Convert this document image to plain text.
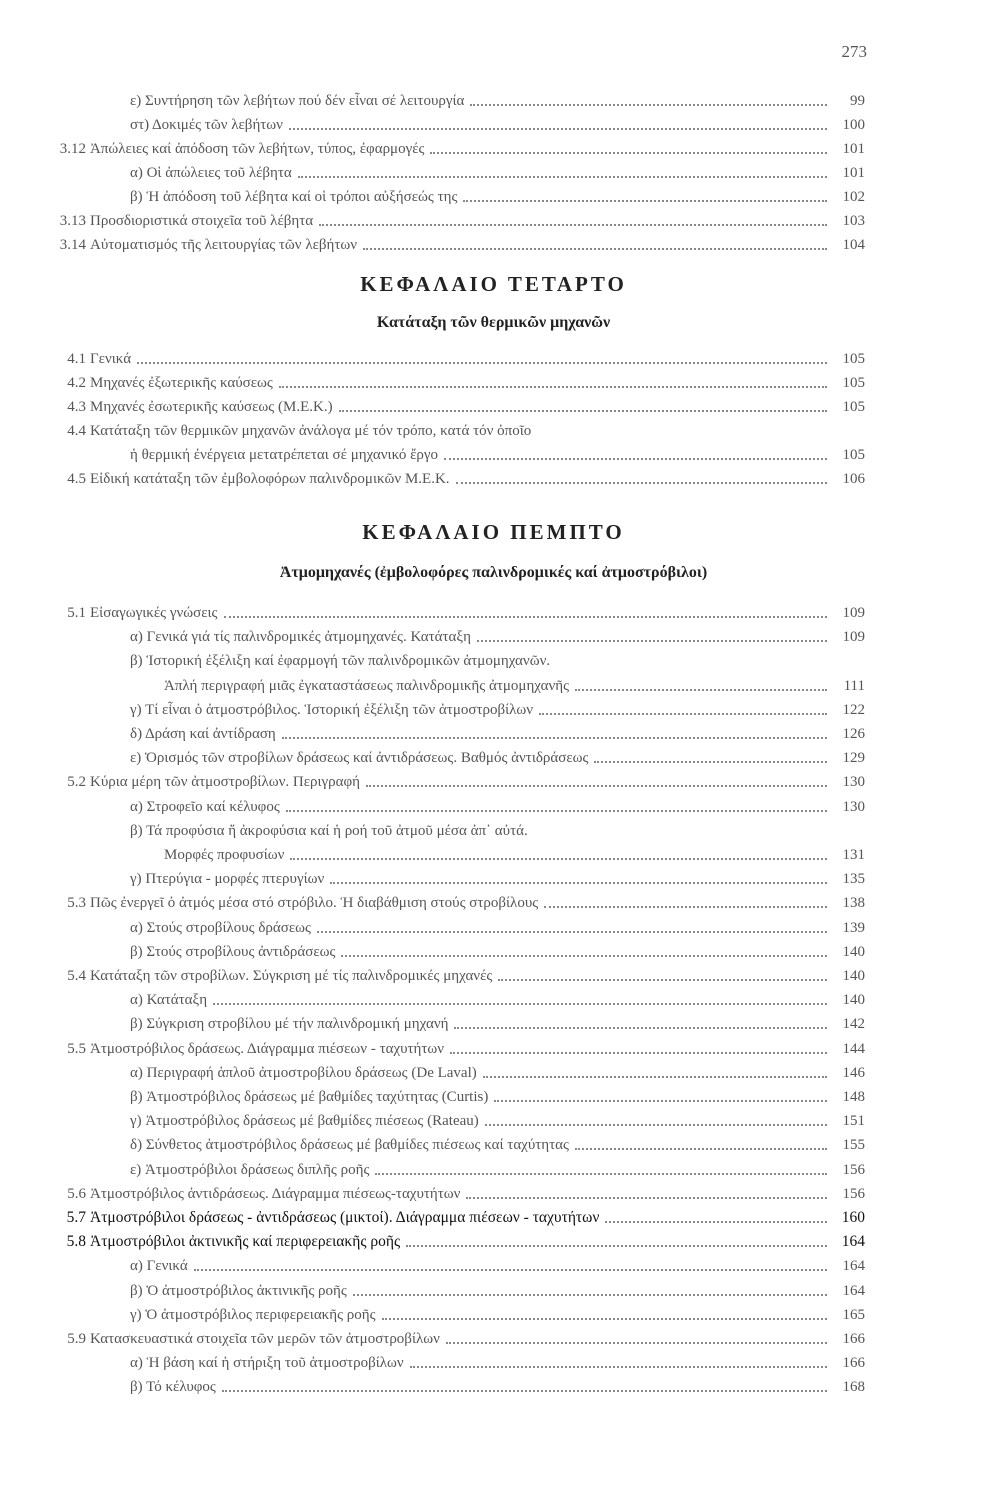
273
ε) Συντήρηση τῶν λεβήτων πού δέν εἶναι σέ λειτουργία	99
στ) Δοκιμές τῶν λεβήτων	100
3.12 Ἀπώλειες καί ἀπόδοση τῶν λεβήτων, τύπος, ἐφαρμογές	101
α) Οἱ ἀπώλειες τοῦ λέβητα	101
β) Ἡ ἀπόδοση τοῦ λέβητα καί οἱ τρόποι αὐξήσεώς της	102
3.13 Προσδιοριστικά στοιχεῖα τοῦ λέβητα	103
3.14 Αὐτοματισμός τῆς λειτουργίας τῶν λεβήτων	104
ΚΕΦΑΛΑΙΟ ΤΕΤΑΡΤΟ
Κατάταξη τῶν θερμικῶν μηχανῶν
4.1 Γενικά	105
4.2 Μηχανές ἐξωτερικῆς καύσεως	105
4.3 Μηχανές ἐσωτερικῆς καύσεως (Μ.Ε.Κ.)	105
4.4 Κατάταξη τῶν θερμικῶν μηχανῶν ἀνάλογα μέ τόν τρόπο, κατά τόν ὁποῖο
ἡ θερμική ἐνέργεια μετατρέπεται σέ μηχανικό ἔργο	105
4.5 Εἰδική κατάταξη τῶν ἐμβολοφόρων παλινδρομικῶν Μ.Ε.Κ.	106
ΚΕΦΑΛΑΙΟ ΠΕΜΠΤΟ
Ἀτμομηχανές (ἐμβολοφόρες παλινδρομικές καί ἀτμοστρόβιλοι)
5.1 Εἰσαγωγικές γνώσεις	109
α) Γενικά γιά τίς παλινδρομικές ἀτμομηχανές. Κατάταξη	109
β) Ἱστορική ἐξέλιξη καί ἐφαρμογή τῶν παλινδρομικῶν ἀτμομηχανῶν.
Ἁπλή περιγραφή μιᾶς ἐγκαταστάσεως παλινδρομικῆς ἀτμομηχανῆς	111
γ) Τί εἶναι ὁ ἀτμοστρόβιλος. Ἱστορική ἐξέλιξη τῶν ἀτμοστροβίλων	122
δ) Δράση καί ἀντίδραση	126
ε) Ὁρισμός τῶν στροβίλων δράσεως καί ἀντιδράσεως. Βαθμός ἀντιδράσεως	129
5.2 Κύρια μέρη τῶν ἀτμοστροβίλων. Περιγραφή	130
α) Στροφεῖο καί κέλυφος	130
β) Τά προφύσια ἤ ἀκροφύσια καί ἡ ροή τοῦ ἀτμοῦ μέσα ἀπ᾽ αὐτά.
Μορφές προφυσίων	131
γ) Πτερύγια - μορφές πτερυγίων	135
5.3 Πῶς ἐνεργεῖ ὁ ἀτμός μέσα στό στρόβιλο. Ἡ διαβάθμιση στούς στροβίλους	138
α) Στούς στροβίλους δράσεως	139
β) Στούς στροβίλους ἀντιδράσεως	140
5.4 Κατάταξη τῶν στροβίλων. Σύγκριση μέ τίς παλινδρομικές μηχανές	140
α) Κατάταξη	140
β) Σύγκριση στροβίλου μέ τήν παλινδρομική μηχανή	142
5.5 Ἀτμοστρόβιλος δράσεως. Διάγραμμα πιέσεων - ταχυτήτων	144
α) Περιγραφή ἁπλοῦ ἀτμοστροβίλου δράσεως (De Laval)	146
β) Ἀτμοστρόβιλος δράσεως μέ βαθμίδες ταχύτητας (Curtis)	148
γ) Ἀτμοστρόβιλος δράσεως μέ βαθμίδες πιέσεως (Rateau)	151
δ) Σύνθετος ἀτμοστρόβιλος δράσεως μέ βαθμίδες πιέσεως καί ταχύτητας	155
ε) Ἀτμοστρόβιλοι δράσεως διπλῆς ροῆς	156
5.6 Ἀτμοστρόβιλος ἀντιδράσεως. Διάγραμμα πιέσεως-ταχυτήτων	156
5.7 Ἀτμοστρόβιλοι δράσεως - ἀντιδράσεως (μικτοί). Διάγραμμα πιέσεων - ταχυτήτων	160
5.8 Ἀτμοστρόβιλοι ἀκτινικῆς καί περιφερειακῆς ροῆς	164
α) Γενικά	164
β) Ὁ ἀτμοστρόβιλος ἀκτινικῆς ροῆς	164
γ) Ὁ ἀτμοστρόβιλος περιφερειακῆς ροῆς	165
5.9 Κατασκευαστικά στοιχεῖα τῶν μερῶν τῶν ἀτμοστροβίλων	166
α) Ἡ βάση καί ἡ στήριξη τοῦ ἀτμοστροβίλων	166
β) Τό κέλυφος	168
